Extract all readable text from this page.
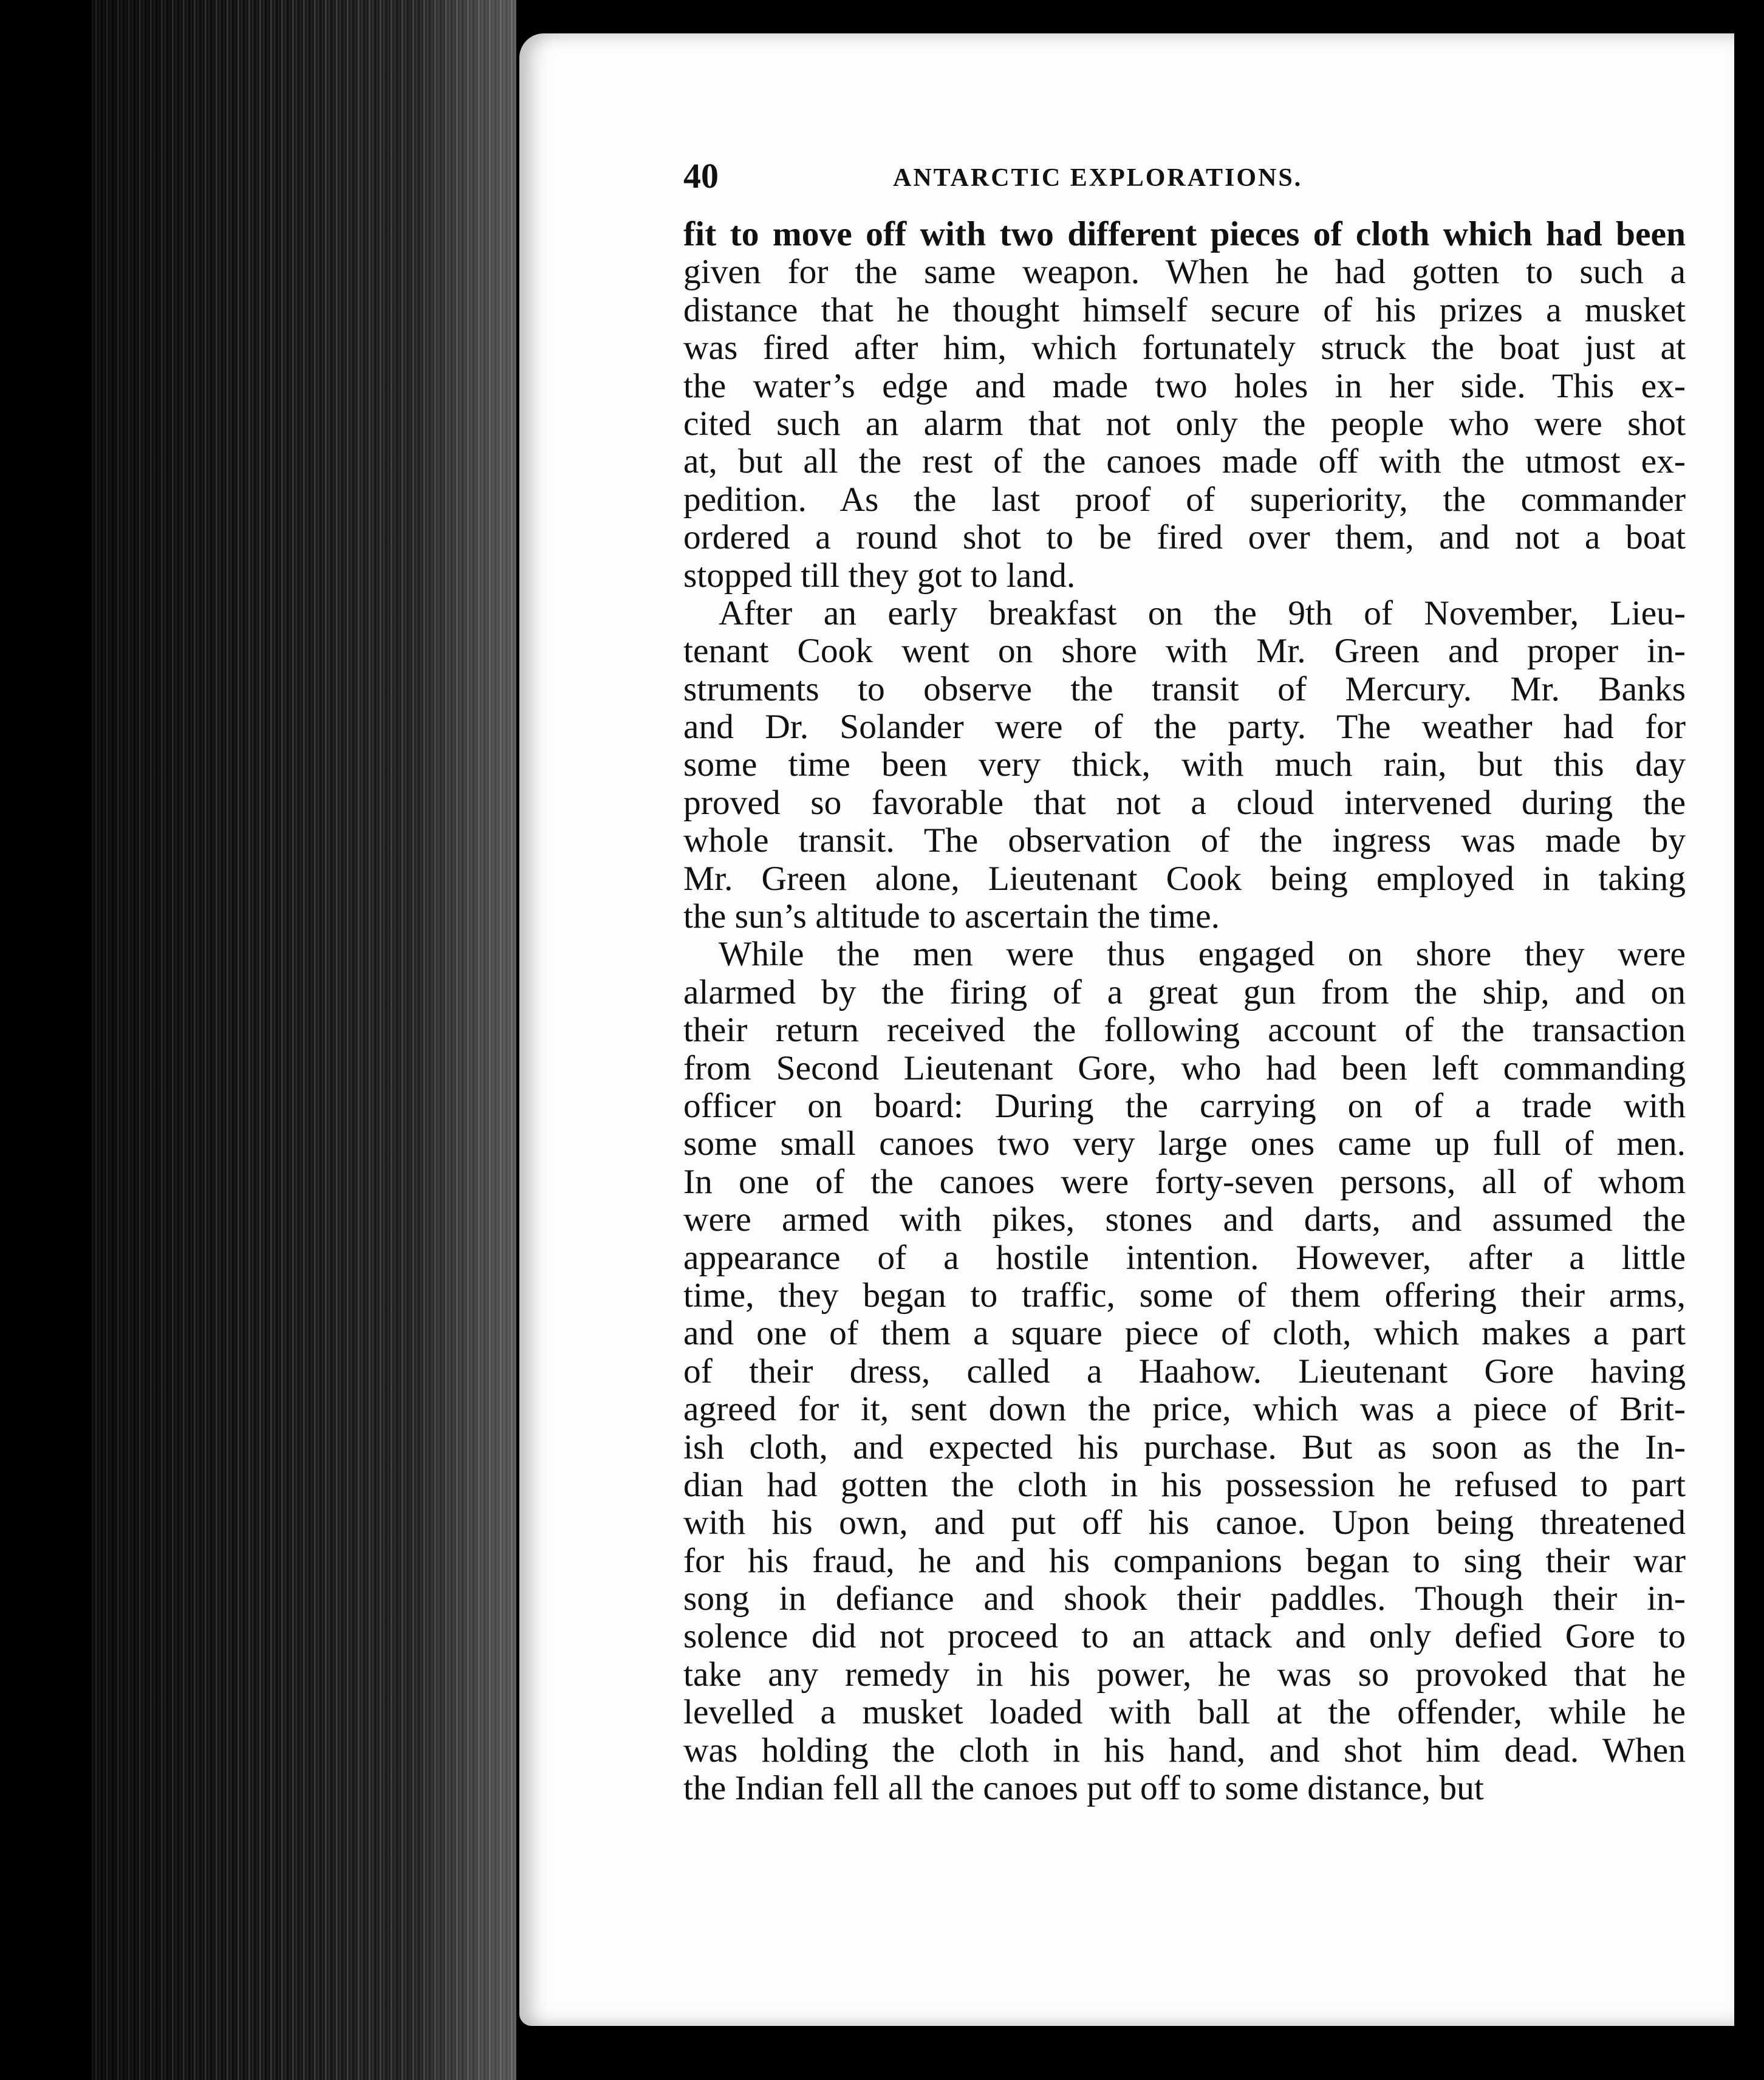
40	ANTARCTIC EXPLORATIONS.
fit to move off with two different pieces of cloth which had been
given for the same weapon. When he had gotten to such a
distance that he thought himself secure of his prizes a musket
was fired after him, which fortunately struck the boat just at
the water’s edge and made two holes in her side. This ex-
cited such an alarm that not only the people who were shot
at, but all the rest of the canoes made off with the utmost ex-
pedition. As the last proof of superiority, the commander
ordered a round shot to be fired over them, and not a boat
stopped till they got to land.
After an early breakfast on the 9th of November, Lieu-
tenant Cook went on shore with Mr. Green and proper in-
struments to observe the transit of Mercury. Mr. Banks
and Dr. Solander were of the party. The weather had for
some time been very thick, with much rain, but this day
proved so favorable that not a cloud intervened during the
whole transit. The observation of the ingress was made by
Mr. Green alone, Lieutenant Cook being employed in taking
the sun’s altitude to ascertain the time.
While the men were thus engaged on shore they were
alarmed by the firing of a great gun from the ship, and on
their return received the following account of the transaction
from Second Lieutenant Gore, who had been left commanding
officer on board: During the carrying on of a trade with
some small canoes two very large ones came up full of men.
In one of the canoes were forty-seven persons, all of whom
were armed with pikes, stones and darts, and assumed the
appearance of a hostile intention. However, after a little
time, they began to traffic, some of them offering their arms,
and one of them a square piece of cloth, which makes a part
of their dress, called a Haahow. Lieutenant Gore having
agreed for it, sent down the price, which was a piece of Brit-
ish cloth, and expected his purchase. But as soon as the In-
dian had gotten the cloth in his possession he refused to part
with his own, and put off his canoe. Upon being threatened
for his fraud, he and his companions began to sing their war
song in defiance and shook their paddles. Though their in-
solence did not proceed to an attack and only defied Gore to
take any remedy in his power, he was so provoked that he
levelled a musket loaded with ball at the offender, while he
was holding the cloth in his hand, and shot him dead. When
the Indian fell all the canoes put off to some distance, but
